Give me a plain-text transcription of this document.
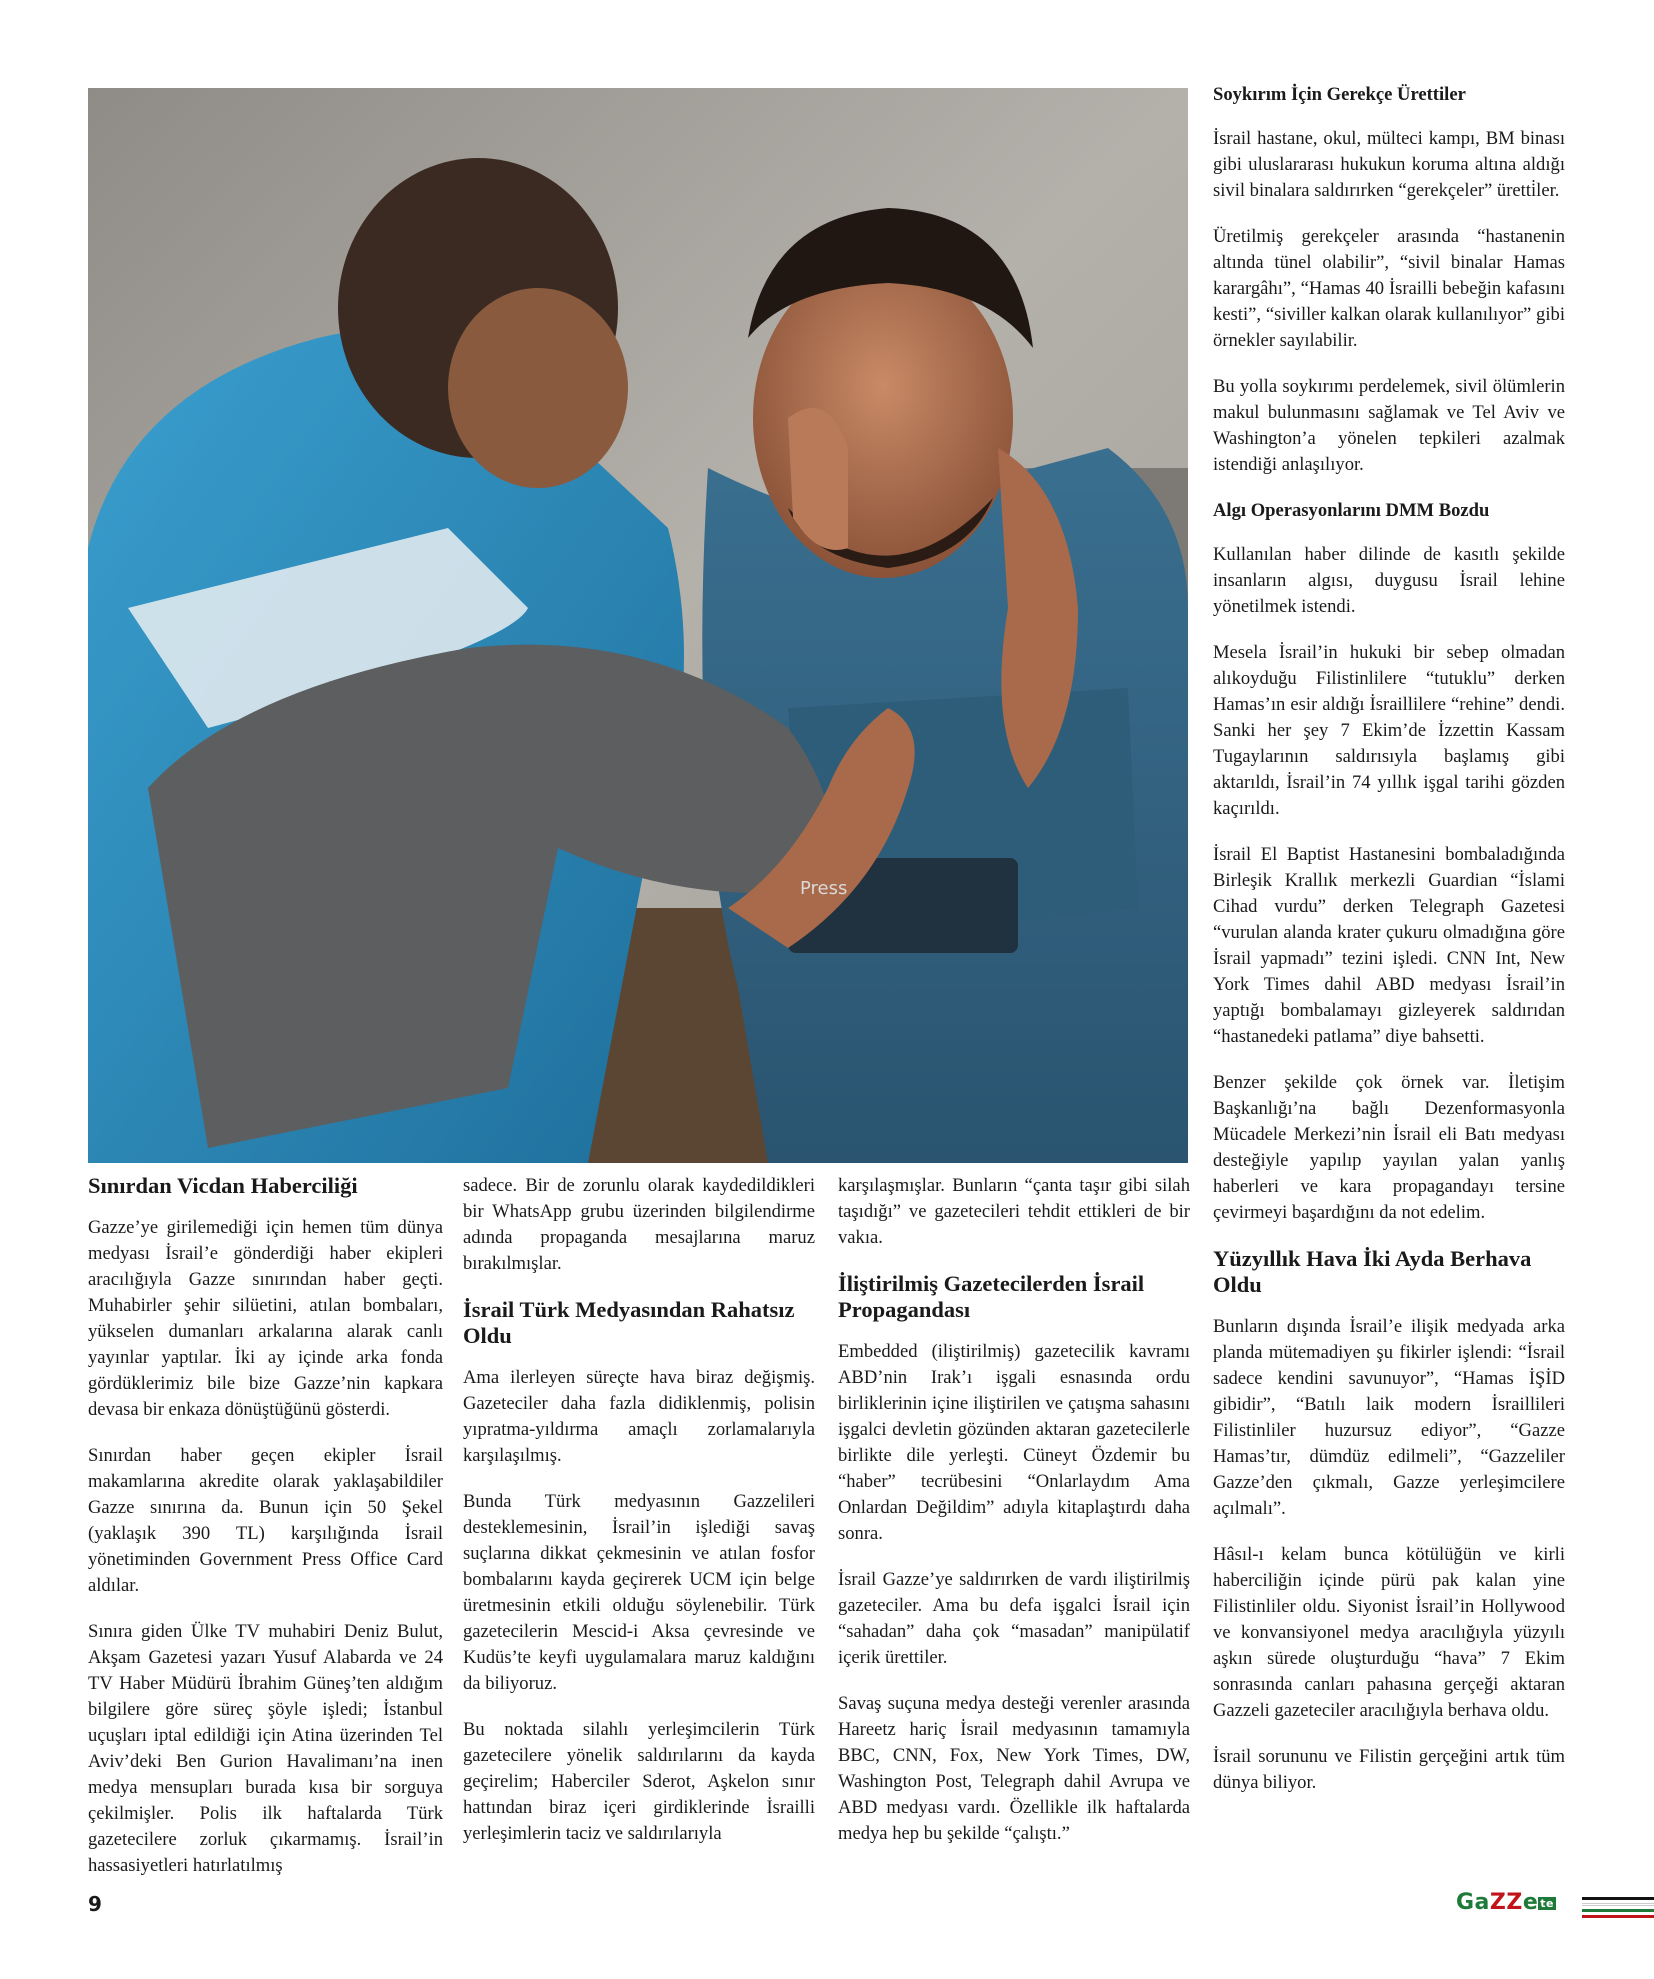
Press
Sınırdan Vicdan Haberciliği

Gazze’ye girilemediği için hemen tüm dünya medyası İsrail’e gönderdiği haber ekipleri aracılığıyla Gazze sınırından haber geçti. Muhabirler şehir silüetini, atılan bombaları, yükselen dumanları arkalarına alarak canlı yayınlar yaptılar. İki ay içinde arka fonda gördüklerimiz bile bize Gazze’nin kapkara devasa bir enkaza dönüştüğünü gösterdi.

Sınırdan haber geçen ekipler İsrail makamlarına akredite olarak yaklaşabildiler Gazze sınırına da. Bunun için 50 Şekel (yaklaşık 390 TL) karşılığında İsrail yönetiminden Government Press Office Card aldılar.

Sınıra giden Ülke TV muhabiri Deniz Bulut, Akşam Gazetesi yazarı Yusuf Alabarda ve 24 TV Haber Müdürü İbrahim Güneş’ten aldığım bilgilere göre süreç şöyle işledi; İstanbul uçuşları iptal edildiği için Atina üzerinden Tel Aviv’deki Ben Gurion Havalimanı’na inen medya mensupları burada kısa bir sorguya çekilmişler. Polis ilk haftalarda Türk gazetecilere zorluk çıkarmamış. İsrail’in hassasiyetleri hatırlatılmış

sadece. Bir de zorunlu olarak kaydedildikleri bir WhatsApp grubu üzerinden bilgilendirme adında propaganda mesajlarına maruz bırakılmışlar.

İsrail Türk Medyasından Rahatsız Oldu

Ama ilerleyen süreçte hava biraz değişmiş. Gazeteciler daha fazla didiklenmiş, polisin yıpratma-yıldırma amaçlı zorlamalarıyla karşılaşılmış.

Bunda Türk medyasının Gazzelileri desteklemesinin, İsrail’in işlediği savaş suçlarına dikkat çekmesinin ve atılan fosfor bombalarını kayda geçirerek UCM için belge üretmesinin etkili olduğu söylenebilir. Türk gazetecilerin Mescid-i Aksa çevresinde ve Kudüs’te keyfi uygulamalara maruz kaldığını da biliyoruz.

Bu noktada silahlı yerleşimcilerin Türk gazetecilere yönelik saldırılarını da kayda geçirelim; Haberciler Sderot, Aşkelon sınır hattından biraz içeri girdiklerinde İsrailli yerleşimlerin taciz ve saldırılarıyla

karşılaşmışlar. Bunların “çanta taşır gibi silah taşıdığı” ve gazetecileri tehdit ettikleri de bir vakıa.

İliştirilmiş Gazetecilerden İsrail Propagandası

Embedded (iliştirilmiş) gazetecilik kavramı ABD’nin Irak’ı işgali esnasında ordu birliklerinin içine iliştirilen ve çatışma sahasını işgalci devletin gözünden aktaran gazetecilerle birlikte dile yerleşti. Cüneyt Özdemir bu “haber” tecrübesini “Onlarlaydım Ama Onlardan Değildim” adıyla kitaplaştırdı daha sonra.

İsrail Gazze’ye saldırırken de vardı iliştirilmiş gazeteciler. Ama bu defa işgalci İsrail için “sahadan” daha çok “masadan” manipülatif içerik ürettiler.

Savaş suçuna medya desteği verenler arasında Hareetz hariç İsrail medyasının tamamıyla BBC, CNN, Fox, New York Times, DW, Washington Post, Telegraph dahil Avrupa ve ABD medyası vardı. Özellikle ilk haftalarda medya hep bu şekilde “çalıştı.”

Soykırım İçin Gerekçe Ürettiler

İsrail hastane, okul, mülteci kampı, BM binası gibi uluslararası hukukun koruma altına aldığı sivil binalara saldırırken “gerekçeler” üretti̇ler.

Üretilmiş gerekçeler arasında “hastanenin altında tünel olabilir”, “sivil binalar Hamas karargâhı”, “Hamas 40 İsrailli bebeğin kafasını kesti”, “siviller kalkan olarak kullanılıyor” gibi örnekler sayılabilir.

Bu yolla soykırımı perdelemek, sivil ölümlerin makul bulunmasını sağlamak ve Tel Aviv ve Washington’a yönelen tepkileri azalmak istendiği anlaşılıyor.

Algı Operasyonlarını DMM Bozdu

Kullanılan haber dilinde de kasıtlı şekilde insanların algısı, duygusu İsrail lehine yönetilmek istendi.

Mesela İsrail’in hukuki bir sebep olmadan alıkoyduğu Filistinlilere “tutuklu” derken Hamas’ın esir aldığı İsraillilere “rehine” dendi. Sanki her şey 7 Ekim’de İzzettin Kassam Tugaylarının saldırısıyla başlamış gibi aktarıldı, İsrail’in 74 yıllık işgal tarihi gözden kaçırıldı.

İsrail El Baptist Hastanesini bombaladığında Birleşik Krallık merkezli Guardian “İslami Cihad vurdu” derken Telegraph Gazetesi “vurulan alanda krater çukuru olmadığına göre İsrail yapmadı” tezini işledi. CNN Int, New York Times dahil ABD medyası İsrail’in yaptığı bombalamayı gizleyerek saldırıdan “hastanedeki patlama” diye bahsetti.

Benzer şekilde çok örnek var. İletişim Başkanlığı’na bağlı Dezenformasyonla Mücadele Merkezi’nin İsrail eli Batı medyası desteğiyle yapılıp yayılan yalan yanlış haberleri ve kara propagandayı tersine çevirmeyi başardığını da not edelim.

Yüzyıllık Hava İki Ayda Berhava Oldu

Bunların dışında İsrail’e ilişik medyada arka planda mütemadiyen şu fikirler işlendi: “İsrail sadece kendini savunuyor”, “Hamas İŞİD gibidir”, “Batılı laik modern İsraillileri Filistinliler huzursuz ediyor”, “Gazze Hamas’tır, dümdüz edilmeli”, “Gazzeliler Gazze’den çıkmalı, Gazze yerleşimcilere açılmalı”.

Hâsıl-ı kelam bunca kötülüğün ve kirli haberciliğin içinde pürü pak kalan yine Filistinliler oldu. Siyonist İsrail’in Hollywood ve konvansiyonel medya aracılığıyla yüzyılı aşkın sürede oluşturduğu “hava” 7 Ekim sonrasında canları pahasına gerçeği aktaran Gazzeli gazeteciler aracılığıyla berhava oldu.

İsrail sorununu ve Filistin gerçeğini artık tüm dünya biliyor.

9	GaZZe te
